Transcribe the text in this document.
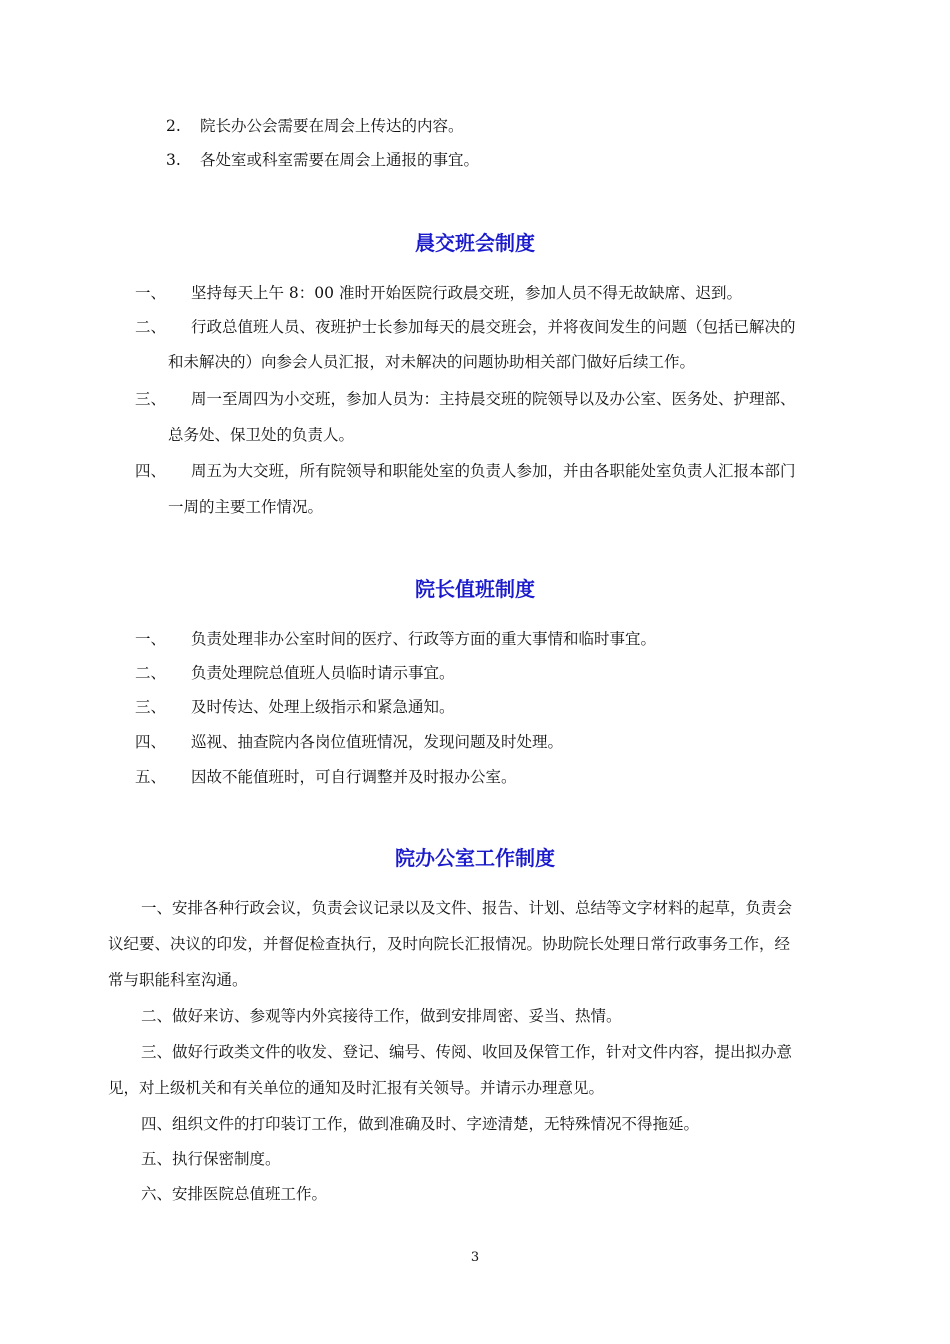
2. 院长办公会需要在周会上传达的内容。
3. 各处室或科室需要在周会上通报的事宜。
晨交班会制度
一、 坚持每天上午 8：00 准时开始医院行政晨交班，参加人员不得无故缺席、迟到。
二、 行政总值班人员、夜班护士长参加每天的晨交班会，并将夜间发生的问题（包括已解决的
和未解决的）向参会人员汇报，对未解决的问题协助相关部门做好后续工作。
三、 周一至周四为小交班，参加人员为：主持晨交班的院领导以及办公室、医务处、护理部、
总务处、保卫处的负责人。
四、 周五为大交班，所有院领导和职能处室的负责人参加，并由各职能处室负责人汇报本部门
一周的主要工作情况。
院长值班制度
一、 负责处理非办公室时间的医疗、行政等方面的重大事情和临时事宜。
二、 负责处理院总值班人员临时请示事宜。
三、 及时传达、处理上级指示和紧急通知。
四、 巡视、抽查院内各岗位值班情况，发现问题及时处理。
五、 因故不能值班时，可自行调整并及时报办公室。
院办公室工作制度
一、安排各种行政会议，负责会议记录以及文件、报告、计划、总结等文字材料的起草，负责会
议纪要、决议的印发，并督促检查执行，及时向院长汇报情况。协助院长处理日常行政事务工作，经
常与职能科室沟通。
二、做好来访、参观等内外宾接待工作，做到安排周密、妥当、热情。
三、做好行政类文件的收发、登记、编号、传阅、收回及保管工作，针对文件内容，提出拟办意
见，对上级机关和有关单位的通知及时汇报有关领导。并请示办理意见。
四、组织文件的打印装订工作，做到准确及时、字迹清楚，无特殊情况不得拖延。
五、执行保密制度。
六、安排医院总值班工作。
3
